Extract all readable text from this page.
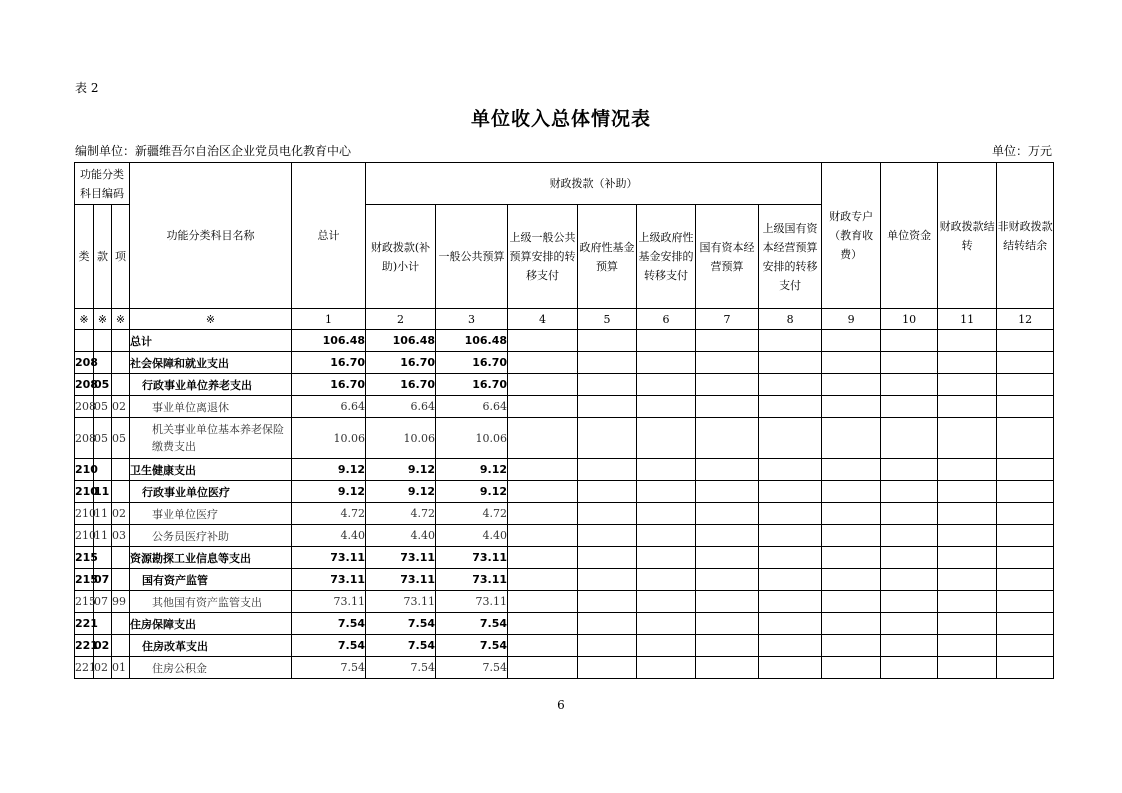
表 2
单位收入总体情况表
编制单位：新疆维吾尔自治区企业党员电化教育中心	单位：万元
功能分类科目编码			功能分类科目名称	总计	财政拨款（补助）							财政专户（教育收费）	单位资金	财政拨款结转	非财政拨款结转结余

类	款	项			财政拨款(补助)小计	一般公共预算	上级一般公共预算安排的转移支付	政府性基金预算	上级政府性基金安排的转移支付	国有资本经营预算	上级国有资本经营预算安排的转移支付				
※	※	※	※	1	2	3	4	5	6	7	8	9	10	11	12
			总计	106.48	106.48	106.48									
208			社会保障和就业支出	16.70	16.70	16.70									
208	05		行政事业单位养老支出	16.70	16.70	16.70									
208	05	02	事业单位离退休	6.64	6.64	6.64									
208	05	05	机关事业单位基本养老保险缴费支出	10.06	10.06	10.06									
210			卫生健康支出	9.12	9.12	9.12									
210	11		行政事业单位医疗	9.12	9.12	9.12									
210	11	02	事业单位医疗	4.72	4.72	4.72									
210	11	03	公务员医疗补助	4.40	4.40	4.40									
215			资源勘探工业信息等支出	73.11	73.11	73.11									
215	07		国有资产监管	73.11	73.11	73.11									
215	07	99	其他国有资产监管支出	73.11	73.11	73.11									
221			住房保障支出	7.54	7.54	7.54									
221	02		住房改革支出	7.54	7.54	7.54									
221	02	01	住房公积金	7.54	7.54	7.54									
6
